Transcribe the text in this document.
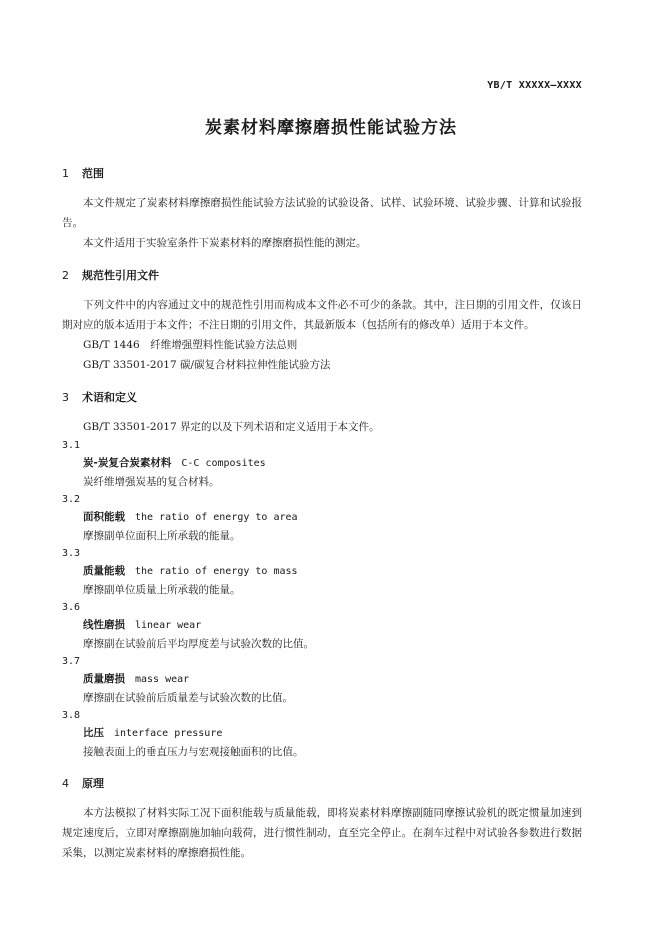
YB/T XXXXX—XXXX
炭素材料摩擦磨损性能试验方法
1 范围

本文件规定了炭素材料摩擦磨损性能试验方法试验的试验设备、试样、试验环境、试验步骤、计算和试验报告。

本文件适用于实验室条件下炭素材料的摩擦磨损性能的测定。

2 规范性引用文件

下列文件中的内容通过文中的规范性引用而构成本文件必不可少的条款。其中，注日期的引用文件，仅该日期对应的版本适用于本文件；不注日期的引用文件，其最新版本（包括所有的修改单）适用于本文件。

GB/T 1446　纤维增强塑料性能试验方法总则

GB/T 33501-2017 碳/碳复合材料拉伸性能试验方法

3 术语和定义

GB/T 33501-2017 界定的以及下列术语和定义适用于本文件。

3.1
炭-炭复合炭素材料 C-C composites
炭纤维增强炭基的复合材料。
3.2
面积能载 the ratio of energy to area
摩擦副单位面积上所承载的能量。
3.3
质量能载 the ratio of energy to mass
摩擦副单位质量上所承载的能量。
3.6
线性磨损 linear wear
摩擦副在试验前后平均厚度差与试验次数的比值。
3.7
质量磨损 mass wear
摩擦副在试验前后质量差与试验次数的比值。
3.8
比压 interface pressure
接触表面上的垂直压力与宏观接触面积的比值。
4 原理

本方法模拟了材料实际工况下面积能载与质量能载，即将炭素材料摩擦副随同摩擦试验机的既定惯量加速到规定速度后，立即对摩擦副施加轴向载荷，进行惯性制动，直至完全停止。在刹车过程中对试验各参数进行数据采集，以测定炭素材料的摩擦磨损性能。
